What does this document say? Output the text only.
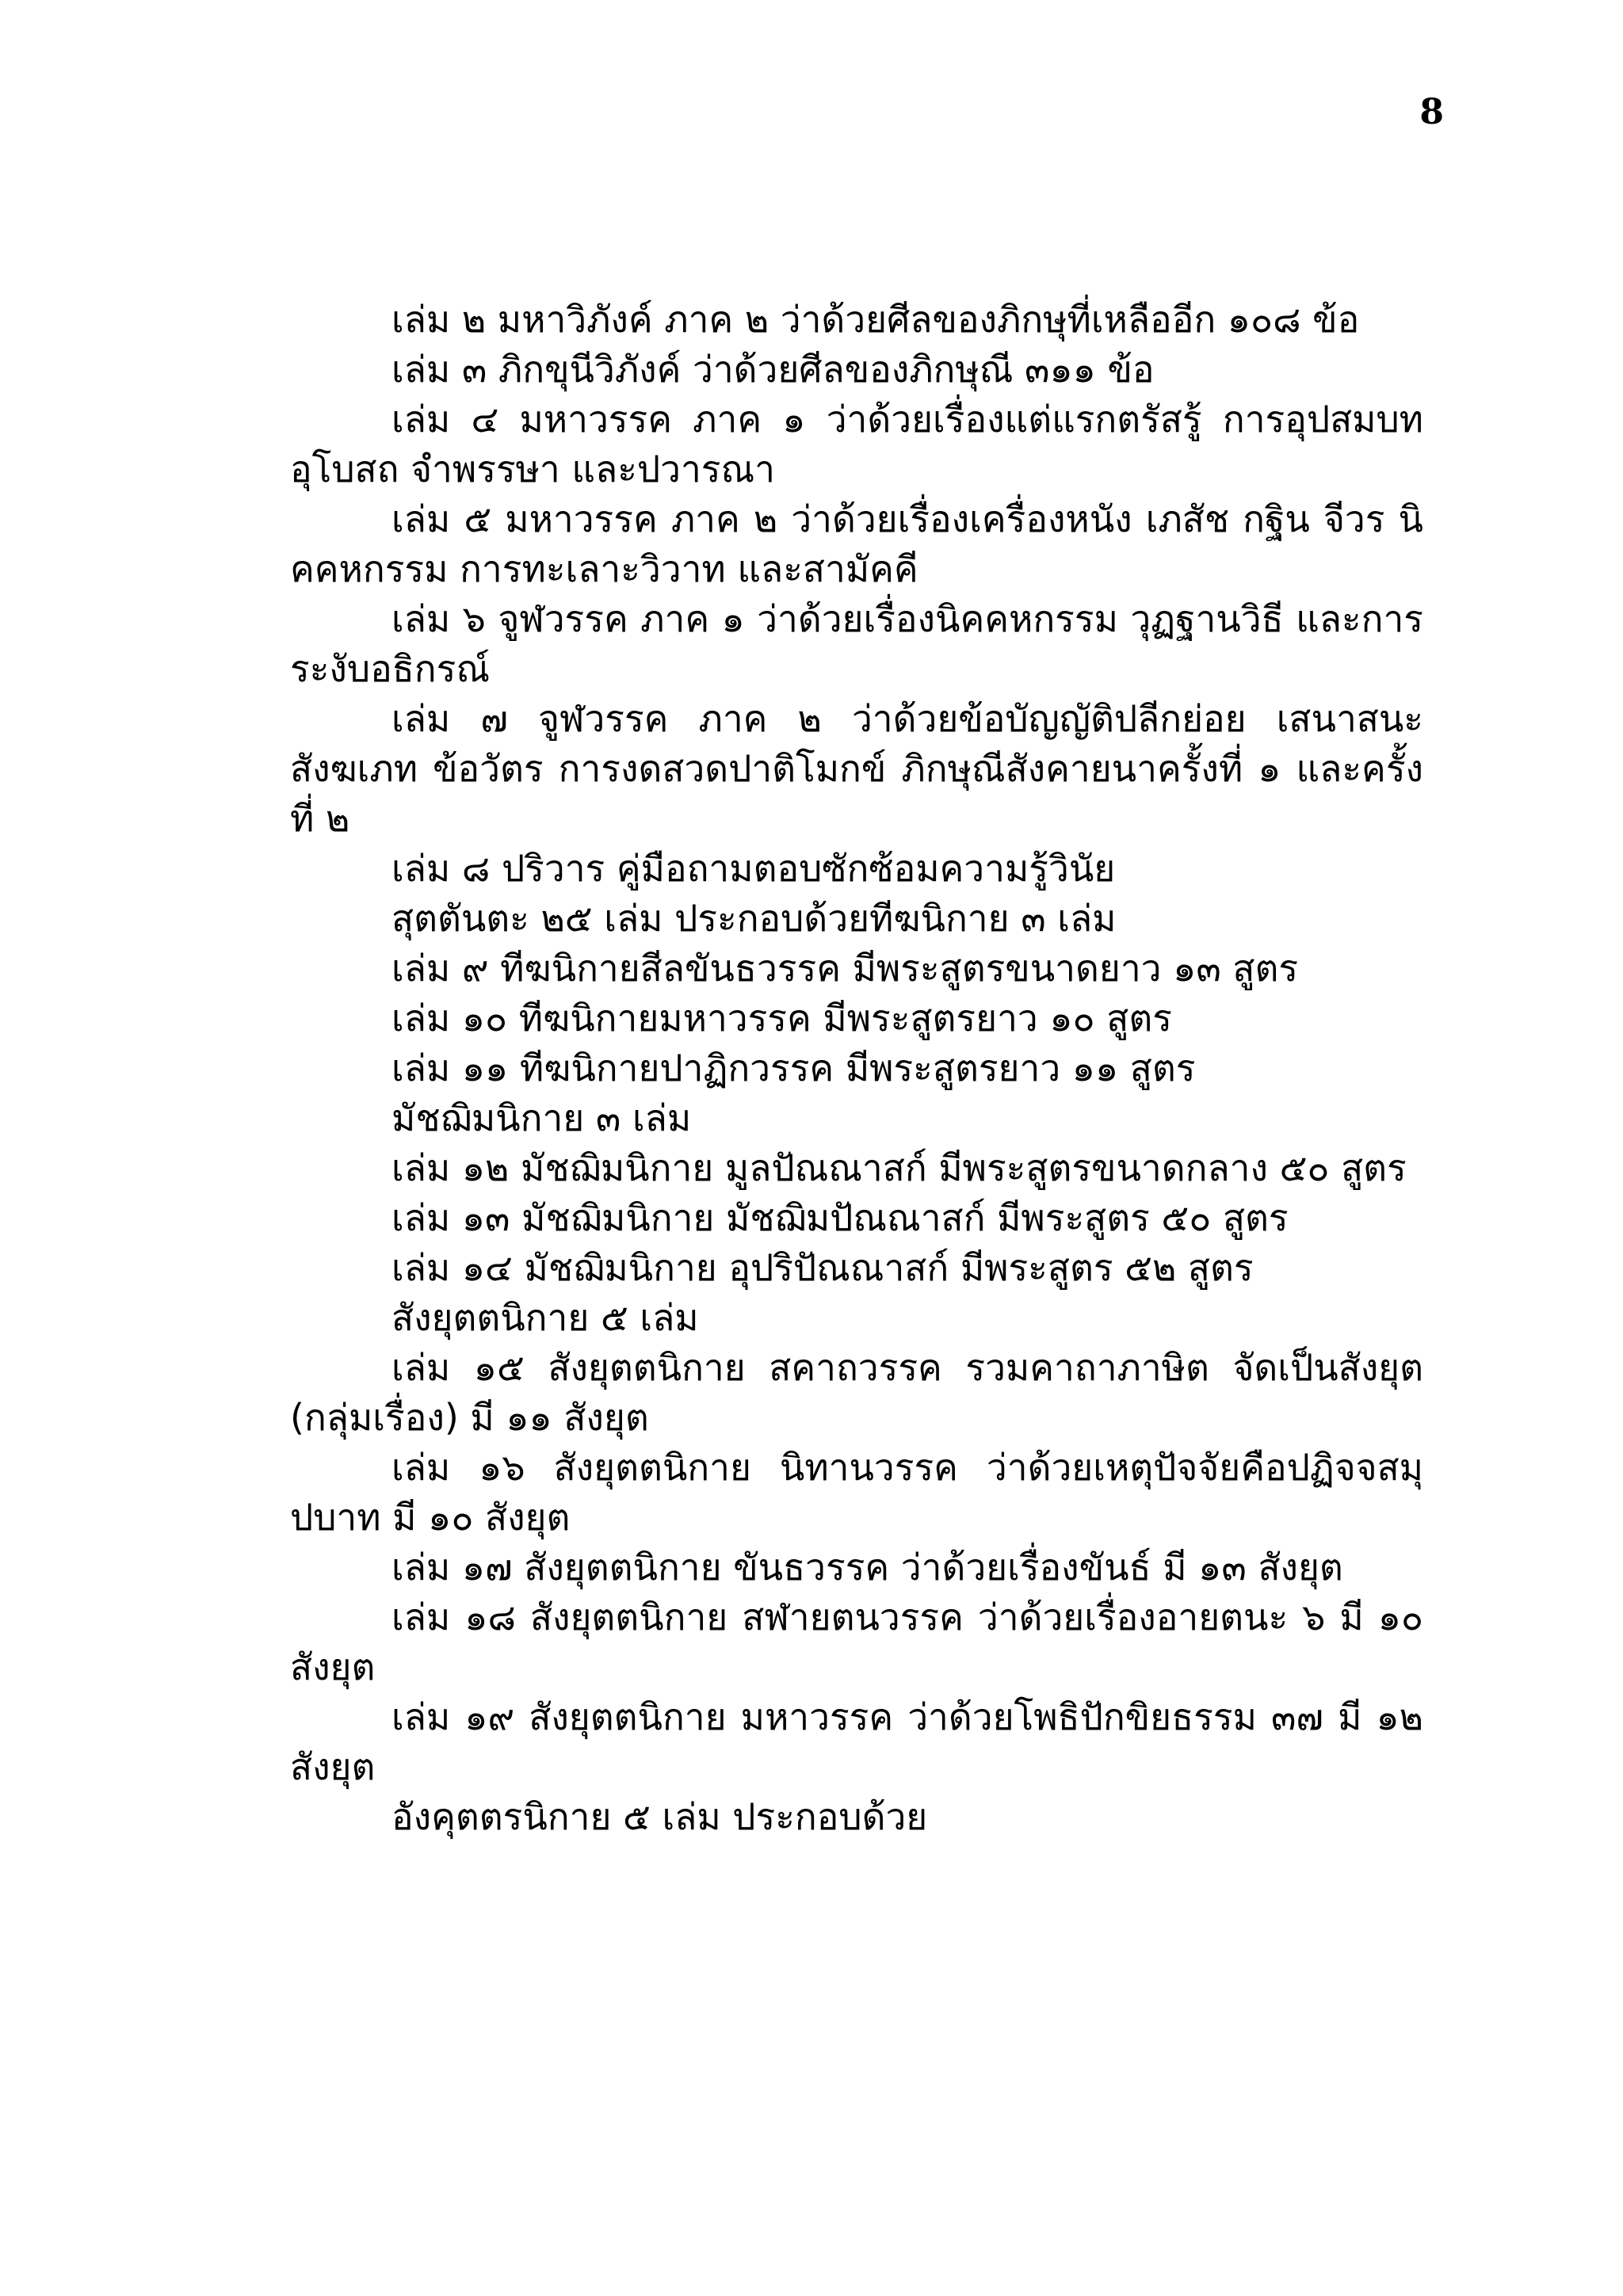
8

เล่ม ๒ มหาวิภังค์ ภาค ๒ ว่าด้วยศีลของภิกษุที่เหลืออีก ๑๐๘ ข้อ

เล่ม ๓ ภิกขุนีวิภังค์ ว่าด้วยศีลของภิกษุณี ๓๑๑ ข้อ

เล่ม ๔ มหาวรรค ภาค ๑ ว่าด้วยเรื่องแต่แรกตรัสรู้ การอุปสมบท อุโบสถ จำพรรษา และปวารณา

เล่ม ๕ มหาวรรค ภาค ๒ ว่าด้วยเรื่องเครื่องหนัง เภสัช กฐิน จีวร นิคคหกรรม การทะเลาะวิวาท และสามัคคี

เล่ม ๖ จูฬวรรค ภาค ๑ ว่าด้วยเรื่องนิคคหกรรม วุฏฐานวิธี และการระงับอธิกรณ์

เล่ม ๗ จูฬวรรค ภาค ๒ ว่าด้วยข้อบัญญัติปลีกย่อย เสนาสนะ สังฆเภท ข้อวัตร การงดสวดปาติโมกข์ ภิกษุณีสังคายนาครั้งที่ ๑ และครั้งที่ ๒

เล่ม ๘ ปริวาร คู่มือถามตอบซักซ้อมความรู้วินัย

สุตตันตะ ๒๕ เล่ม ประกอบด้วยทีฆนิกาย ๓ เล่ม

เล่ม ๙ ทีฆนิกายสีลขันธวรรค มีพระสูตรขนาดยาว ๑๓ สูตร

เล่ม ๑๐ ทีฆนิกายมหาวรรค มีพระสูตรยาว ๑๐ สูตร

เล่ม ๑๑ ทีฆนิกายปาฏิกวรรค มีพระสูตรยาว ๑๑ สูตร

มัชฌิมนิกาย ๓ เล่ม

เล่ม ๑๒ มัชฌิมนิกาย มูลปัณณาสก์ มีพระสูตรขนาดกลาง ๕๐ สูตร

เล่ม ๑๓ มัชฌิมนิกาย มัชฌิมปัณณาสก์ มีพระสูตร ๕๐ สูตร

เล่ม ๑๔ มัชฌิมนิกาย อุปริปัณณาสก์ มีพระสูตร ๕๒ สูตร

สังยุตตนิกาย ๕ เล่ม

เล่ม ๑๕ สังยุตตนิกาย สคาถวรรค รวมคาถาภาษิต จัดเป็นสังยุต (กลุ่มเรื่อง) มี ๑๑ สังยุต

เล่ม ๑๖ สังยุตตนิกาย นิทานวรรค ว่าด้วยเหตุปัจจัยคือปฏิจจสมุปบาท มี ๑๐ สังยุต

เล่ม ๑๗ สังยุตตนิกาย ขันธวรรค ว่าด้วยเรื่องขันธ์ มี ๑๓ สังยุต

เล่ม ๑๘ สังยุตตนิกาย สฬายตนวรรค ว่าด้วยเรื่องอายตนะ ๖ มี ๑๐ สังยุต

เล่ม ๑๙ สังยุตตนิกาย มหาวรรค ว่าด้วยโพธิปักขิยธรรม ๓๗ มี ๑๒ สังยุต

อังคุตตรนิกาย ๕ เล่ม ประกอบด้วย
